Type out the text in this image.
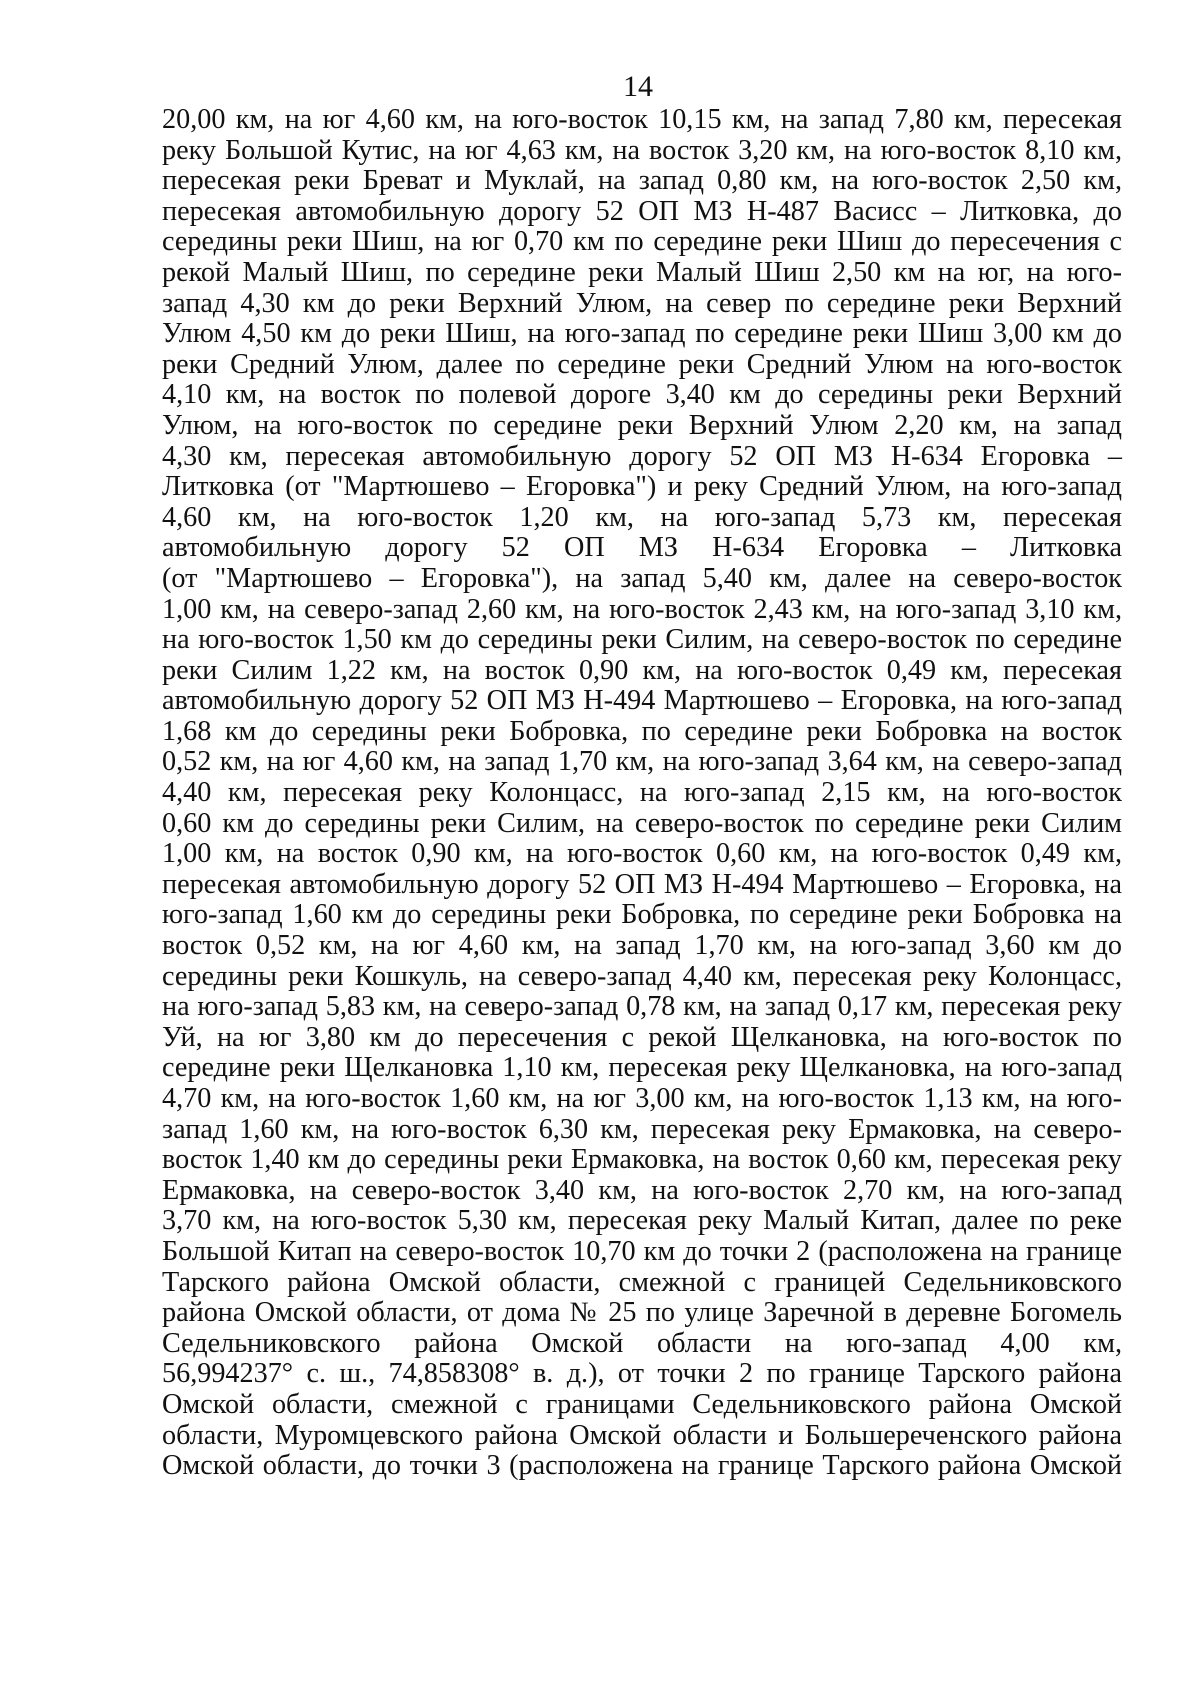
14
20,00 км, на юг 4,60 км, на юго-восток 10,15 км, на запад 7,80 км, пересекая
реку Большой Кутис, на юг 4,63 км, на восток 3,20 км, на юго-восток 8,10 км,
пересекая реки Бреват и Муклай, на запад 0,80 км, на юго-восток 2,50 км,
пересекая автомобильную дорогу 52 ОП МЗ Н-487 Васисс – Литковка, до
середины реки Шиш, на юг 0,70 км по середине реки Шиш до пересечения с
рекой Малый Шиш, по середине реки Малый Шиш 2,50 км на юг, на юго-
запад 4,30 км до реки Верхний Улюм, на север по середине реки Верхний
Улюм 4,50 км до реки Шиш, на юго-запад по середине реки Шиш 3,00 км до
реки Средний Улюм, далее по середине реки Средний Улюм на юго-восток
4,10 км, на восток по полевой дороге 3,40 км до середины реки Верхний
Улюм, на юго-восток по середине реки Верхний Улюм 2,20 км, на запад
4,30 км, пересекая автомобильную дорогу 52 ОП МЗ Н-634 Егоровка –
Литковка (от "Мартюшево – Егоровка") и реку Средний Улюм, на юго-запад
4,60 км, на юго-восток 1,20 км, на юго-запад 5,73 км, пересекая
автомобильную дорогу 52 ОП МЗ Н-634 Егоровка – Литковка
(от "Мартюшево – Егоровка"), на запад 5,40 км, далее на северо-восток
1,00 км, на северо-запад 2,60 км, на юго-восток 2,43 км, на юго-запад 3,10 км,
на юго-восток 1,50 км до середины реки Силим, на северо-восток по середине
реки Силим 1,22 км, на восток 0,90 км, на юго-восток 0,49 км, пересекая
автомобильную дорогу 52 ОП МЗ Н-494 Мартюшево – Егоровка, на юго-запад
1,68 км до середины реки Бобровка, по середине реки Бобровка на восток
0,52 км, на юг 4,60 км, на запад 1,70 км, на юго-запад 3,64 км, на северо-запад
4,40 км, пересекая реку Колонцасс, на юго-запад 2,15 км, на юго-восток
0,60 км до середины реки Силим, на северо-восток по середине реки Силим
1,00 км, на восток 0,90 км, на юго-восток 0,60 км, на юго-восток 0,49 км,
пересекая автомобильную дорогу 52 ОП МЗ Н-494 Мартюшево – Егоровка, на
юго-запад 1,60 км до середины реки Бобровка, по середине реки Бобровка на
восток 0,52 км, на юг 4,60 км, на запад 1,70 км, на юго-запад 3,60 км до
середины реки Кошкуль, на северо-запад 4,40 км, пересекая реку Колонцасс,
на юго-запад 5,83 км, на северо-запад 0,78 км, на запад 0,17 км, пересекая реку
Уй, на юг 3,80 км до пересечения с рекой Щелкановка, на юго-восток по
середине реки Щелкановка 1,10 км, пересекая реку Щелкановка, на юго-запад
4,70 км, на юго-восток 1,60 км, на юг 3,00 км, на юго-восток 1,13 км, на юго-
запад 1,60 км, на юго-восток 6,30 км, пересекая реку Ермаковка, на северо-
восток 1,40 км до середины реки Ермаковка, на восток 0,60 км, пересекая реку
Ермаковка, на северо-восток 3,40 км, на юго-восток 2,70 км, на юго-запад
3,70 км, на юго-восток 5,30 км, пересекая реку Малый Китап, далее по реке
Большой Китап на северо-восток 10,70 км до точки 2 (расположена на границе
Тарского района Омской области, смежной с границей Седельниковского
района Омской области, от дома № 25 по улице Заречной в деревне Богомель
Седельниковского района Омской области на юго-запад 4,00 км,
56,994237° с. ш., 74,858308° в. д.), от точки 2 по границе Тарского района
Омской области, смежной с границами Седельниковского района Омской
области, Муромцевского района Омской области и Большереченского района
Омской области, до точки 3 (расположена на границе Тарского района Омской
